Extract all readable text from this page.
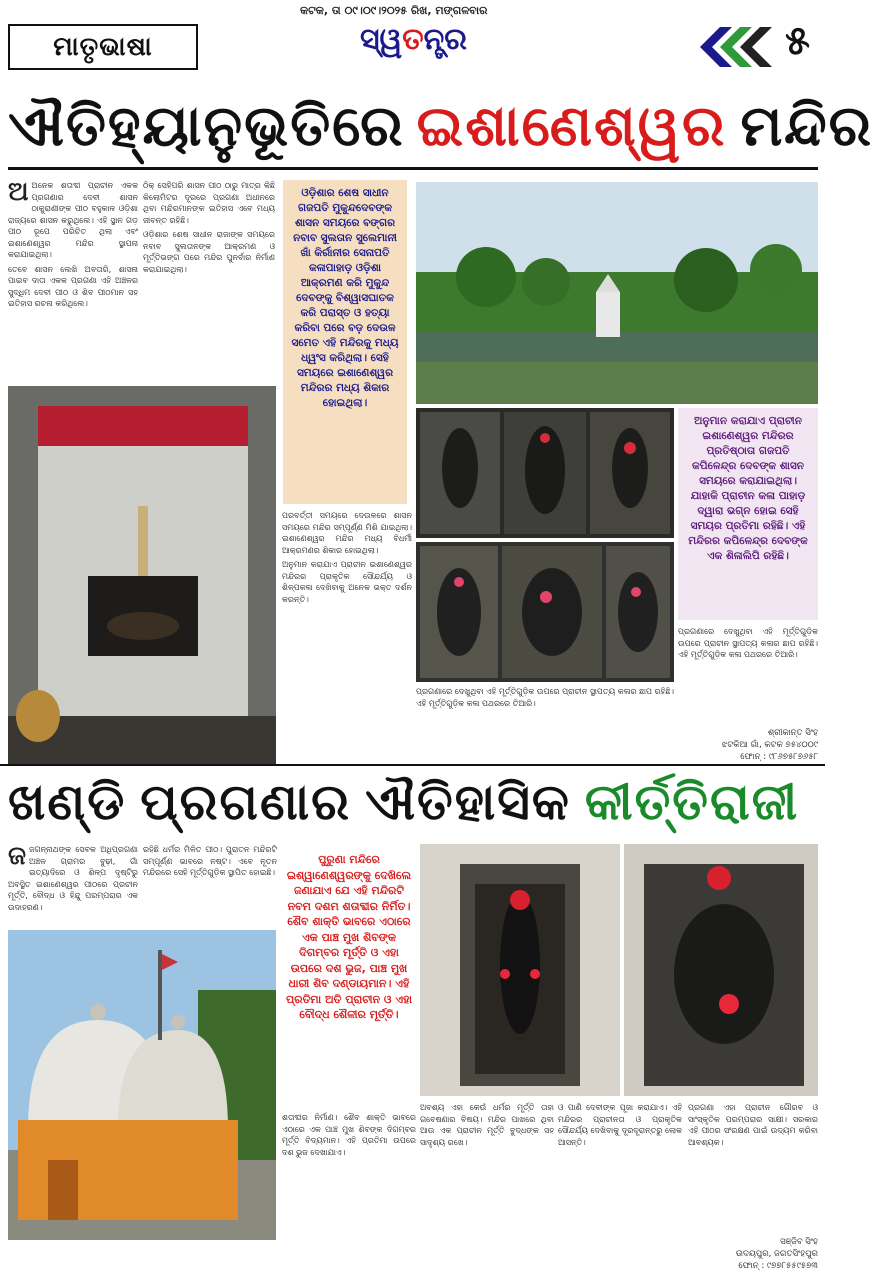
କଟକ, ତା ୦୯।୦୯।୨୦୨୫ ରିଖ, ମଙ୍ଗଳବାର
ମାତୃଭାଷା	ସ୍ୱତନ୍ତ୍ର	୫
ଐତିହ୍ୟାନୁଭୂତିରେ ଇଶାଣେଶ୍ୱର ମନ୍ଦିର

ଅଅନେକ ଶତାବ୍ଦୀ ପ୍ରାଚୀନ ଏକକ ପ୍ରଗଣାର ଦେବୀ ଶାସନ ଠାକୁରାଣୀଙ୍କ ପୀଠ ବହୁକାଳ ଓଡ଼ିଶା ରାଜ୍ୟରେ ଶାସନ କରୁଥିଲେ। ଏହି ସ୍ଥାନ ଗଡ଼ ପୀଠ ରୂପେ ପରିଚିତ ଥିଲା ଏବଂ ଇଶାଣେଶ୍ୱର ମନ୍ଦିର ସ୍ଥାପନା କରାଯାଇଥିଲା।

ତେବେ ଶାସନ ଲେଖି ଅବତାରି, ଶାସନା ପାଇବ ଦାତା ଏକକ ପ୍ରଗଣା ଏହି ଅଞ୍ଚଳର ସୁଦ୍ଧିମ ଦେବୀ ପୀଠ ଓ ଶିବ ପୀଠମାନ ସହ ଇତିହାସ ରଚନା କରିଥିଲେ।

ଠିକ୍ ସେହିପରି ଶାସନ ପୀଠ ଠାରୁ ମାତ୍ର କିଛି କିଲୋମିଟର ଦୂରରେ ପ୍ରଗଣା ଅଧୀନରେ ଥିବା ମନ୍ଦିରମାନଙ୍କ ଇତିହାସ ଏବେ ମଧ୍ୟ ଜୀବନ୍ତ ରହିଛି।

ଓଡ଼ିଶାର ଶେଷ ସାଧୀନ ରାଜାଙ୍କ ସମୟରେ ନବାବ ସୁଲତାନଙ୍କ ଆକ୍ରମଣ ଓ ମୂର୍ତ୍ତିଭଙ୍ଗ ପରେ ମନ୍ଦିର ପୁନର୍ବାର ନିର୍ମାଣ କରାଯାଇଥିଲା।

ଓଡ଼ିଶାର ଶେଷ ସାଧୀନ ଗଜପତି ମୁକୁନ୍ଦଦେବଙ୍କ ଶାସନ ସମୟରେ ବଙ୍ଗର ନବାବ ସୁଲତାନ ସୁଲେମାନୀ ଖାଁ କିର୍ରାନୀର ସେନାପତି କଳାପାହାଡ଼ ଓଡ଼ିଶା ଆକ୍ରମଣ କରି ମୁକୁନ୍ଦ ଦେବଙ୍କୁ ବିଶ୍ୱାସଘାତକ କରି ପରାସ୍ତ ଓ ହତ୍ୟା କରିବା ପରେ ବଡ଼ ଦେଉଳ ସମେତ ଏହି ମନ୍ଦିରକୁ ମଧ୍ୟ ଧ୍ୱଂସ କରିଥିଲା। ସେହି ସମୟରେ ଇଶାଣେଶ୍ୱର ମନ୍ଦିରର ମଧ୍ୟ ଶିକାର ହୋଇଥିଲା।

ପରବର୍ତ୍ତୀ ସମୟରେ ଦେଉଳରେ ଶାସନ ସମୟରେ ମନ୍ଦିର ସମ୍ପୂର୍ଣ୍ଣ ମିଶି ଯାଇଥିଲା। ଇଶାଣେଶ୍ୱର ମନ୍ଦିର ମଧ୍ୟ ବିଧର୍ମୀ ଆକ୍ରମଣର ଶିକାର ହୋଇଥିଲା।

ଅନୁମାନ କରାଯାଏ ପ୍ରାଚୀନ ଇଶାଣେଶ୍ୱର ମନ୍ଦିରର ପ୍ରାକୃତିକ ସୌନ୍ଦର୍ଯ୍ୟ ଓ ଶିଳ୍ପକଳା ଦେଖିବାକୁ ଅନେକ ଭକ୍ତ ଦର୍ଶନ କରନ୍ତି।

ଅନୁମାନ କରାଯାଏ ପ୍ରାଚୀନ ଇଶାଣେଶ୍ୱର ମନ୍ଦିରର ପ୍ରତିଷ୍ଠାତା ଗଜପତି କପିଳେନ୍ଦ୍ର ଦେବଙ୍କ ଶାସନ ସମୟରେ କରାଯାଇଥିଲା। ଯାହାକି ପ୍ରାଚୀନ କଳା ପାହାଡ଼ ଦ୍ୱାରା ଭଗ୍ନ ହୋଇ ସେହି ସମୟର ପ୍ରତିମା ରହିଛି। ଏହି ମନ୍ଦିରର କପିଳେନ୍ଦ୍ର ଦେବଙ୍କ ଏକ ଶିଳାଲିପି ରହିଛି।

ପ୍ରଗଣାରେ ଦେଖୁଥିବା ଏହି ମୂର୍ତ୍ତିଗୁଡ଼ିକ ଉପରେ ପ୍ରାଚୀନ ସ୍ଥାପତ୍ୟ କଳାର ଛାପ ରହିଛି। ଏହି ମୂର୍ତ୍ତିଗୁଡ଼ିକ କଳା ପଥରରେ ତିଆରି।

ପ୍ରଗଣାରେ ଦେଖୁଥିବା ଏହି ମୂର୍ତ୍ତିଗୁଡ଼ିକ ଉପରେ ପ୍ରାଚୀନ ସ୍ଥାପତ୍ୟ କଳାର ଛାପ ରହିଛି। ଏହି ମୂର୍ତ୍ତିଗୁଡ଼ିକ କଳା ପଥରରେ ତିଆରି।

ଶ୍ରୀକାନ୍ତ ସିଂହ
ଝଟକିଆ ଗାଁ, କଟକ ୭୫୪୦୦୯
ଫୋନ୍ : ୯୮୬୭୫୮୭୬୫୮
ଖଣ୍ଡି ପ୍ରଗଣାର ଐତିହାସିକ କୀର୍ତ୍ତିରାଜୀ

ଜଜଗନ୍ନାଥଙ୍କ ସେବକ ଅଧିପ୍ରଗଣା ଅଞ୍ଚଳ ଗ୍ରାମର ବୁଢ଼ୀ, ଗାଁ ଇତ୍ୟାଦିରେ ଓ ଶିଳ୍ପ ଦୃଷ୍ଟିରୁ ଅବସ୍ଥିତ ଇଶାଣେଶ୍ୱର ପୀଠରେ ପ୍ରଚୀନ ମୂର୍ତ୍ତି, ବୌଦ୍ଧ ଓ ହିନ୍ଦୁ ପରମ୍ପରାର ଏକ ଉଦାହରଣ।

ରହିଛି ଧର୍ମର ମିଳିତ ପୀଠ। ପୁରାତନ ମନ୍ଦିରଟି ସମ୍ପୂର୍ଣ୍ଣ ଭାବରେ ନଷ୍ଟ। ଏବେ ନୂତନ ମନ୍ଦିରରେ ସେହି ମୂର୍ତ୍ତିଗୁଡ଼ିକ ସ୍ଥାପିତ ହୋଇଛି।

ପୁରୁଣା ମନ୍ଦିରେ ଇଶ୍ୱାଣେଶ୍ୱରଙ୍କୁ ଦେଖିଲେ ଜଣାଯାଏ ଯେ ଏହି ମନ୍ଦିରଟି ନବମ ଦଶମ ଶତାବ୍ଦୀର ନିର୍ମିତ। ଶୈବ ଶାକ୍ତି ଭାବରେ ଏଠାରେ ଏକ ପାଞ୍ଚ ମୁଖ ଶିବଙ୍କ ଦିଗମ୍ବର ମୂର୍ତ୍ତି ଓ ଏହା ଉପରେ ଦଶ ଭୁଜ, ପାଞ୍ଚ ମୁଖ ଧାରୀ ଶିବ ଦଣ୍ଡାୟମାନ। ଏହି ପ୍ରତିମା ଅତି ପ୍ରାଚୀନ ଓ ଏହା ବୌଦ୍ଧ ଶୈଳୀର ମୂର୍ତ୍ତି।

ଶତାବ୍ଦୀର ନିର୍ମାଣ। ଶୈବ ଶାକ୍ତି ଭାବରେ ଏଠାରେ ଏକ ପାଞ୍ଚ ମୁଖ ଶିବଙ୍କ ଦିଗମ୍ବର ମୂର୍ତ୍ତି ବିଦ୍ୟମାନ। ଏହି ପ୍ରତିମା ଉପରେ ଦଶ ଭୁଜ ଦେଖାଯାଏ।

ଅବଶ୍ୟ ଏହା କେଉଁ ଧର୍ମର ମୂର୍ତ୍ତି ତାହା ଗବେଷଣାର ବିଷୟ। ମନ୍ଦିର ପାଖରେ ଥିବା ଆଉ ଏକ ପ୍ରାଚୀନ ମୂର୍ତ୍ତି ବୁଦ୍ଧଙ୍କ ସହ ସାଦୃଶ୍ୟ ରଖେ।

ଓ ପାଣି ଦେବୀଙ୍କ ପୂଜା କରାଯାଏ। ଏହି ମନ୍ଦିରର ପ୍ରାଚୀନତା ଓ ପ୍ରାକୃତିକ ସୌନ୍ଦର୍ଯ୍ୟ ଦେଖିବାକୁ ଦୂରଦୂରାନ୍ତରୁ ଲୋକ ଆସନ୍ତି।

ପ୍ରଗଣା ଏହା ପ୍ରାଚୀନ ଗୌରବ ଓ ସାଂସ୍କୃତିକ ପରମ୍ପରାର ସାକ୍ଷୀ। ସରକାର ଏହି ପୀଠର ସଂରକ୍ଷଣ ପାଇଁ ଉଦ୍ୟମ କରିବା ଆବଶ୍ୟକ।

ସଞ୍ଜିବ ସିଂହ
ଉଦୟପୁର, ଜଗତସିଂହପୁର
ଫୋନ୍ : ୯୭୭୮୫୫୯୫୭୩
